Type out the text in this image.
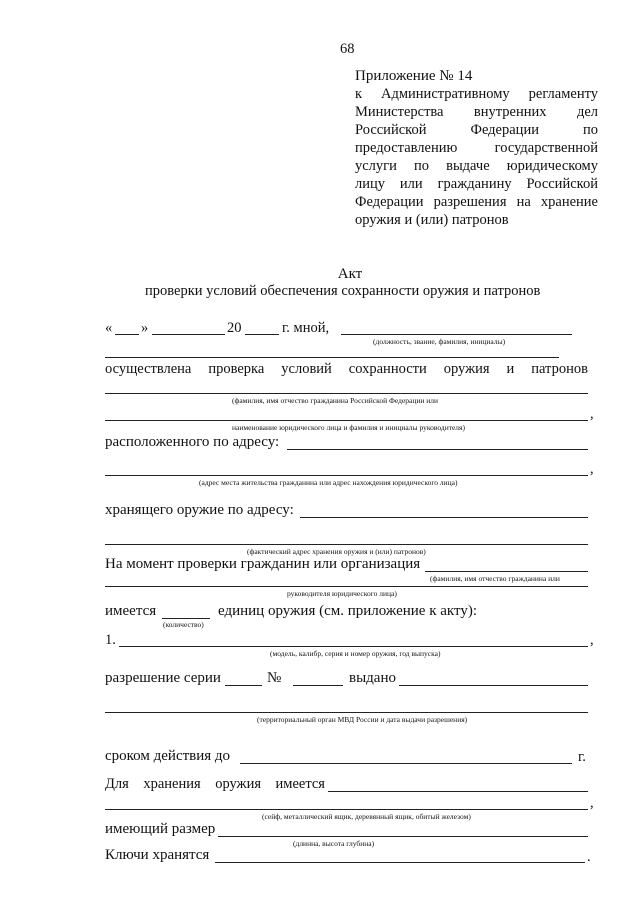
68
Приложение № 14
к Административному регламенту
Министерства внутренних дел
Российской	Федерации	по
предоставлению	государственной
услуги по выдаче юридическому
лицу или гражданину Российской
Федерации разрешения на хранение
оружия и (или) патронов
Акт
проверки условий обеспечения сохранности оружия и патронов
« »	20	г. мной,
(должность, звание, фамилия, инициалы)
осуществлена проверка условий сохранности оружия и патронов
(фамилия, имя отчество гражданина Российской Федерации или
,
наименование юридического лица и фамилия и инициалы руководителя)
расположенного по адресу:
,
(адрес места жительства гражданина или адрес нахождения юридического лица)
хранящего оружие по адресу:
(фактический адрес хранения оружия и (или) патронов)
На момент проверки гражданин или организация
(фамилия, имя отчество гражданина или
руководителя юридического лица)
имеется
(количество)
единиц оружия (см. приложение к акту):
1.	,
(модель, калибр, серия и номер оружия, год выпуска)
разрешение серии	№	выдано
(территориальный орган МВД России и дата выдачи разрешения)
сроком действия до	г.
Для хранения оружия имеется
,
(сейф, металлический ящик, деревянный ящик, обитый железом)
имеющий размер
(длинна, высота глубина)
Ключи хранятся	.
